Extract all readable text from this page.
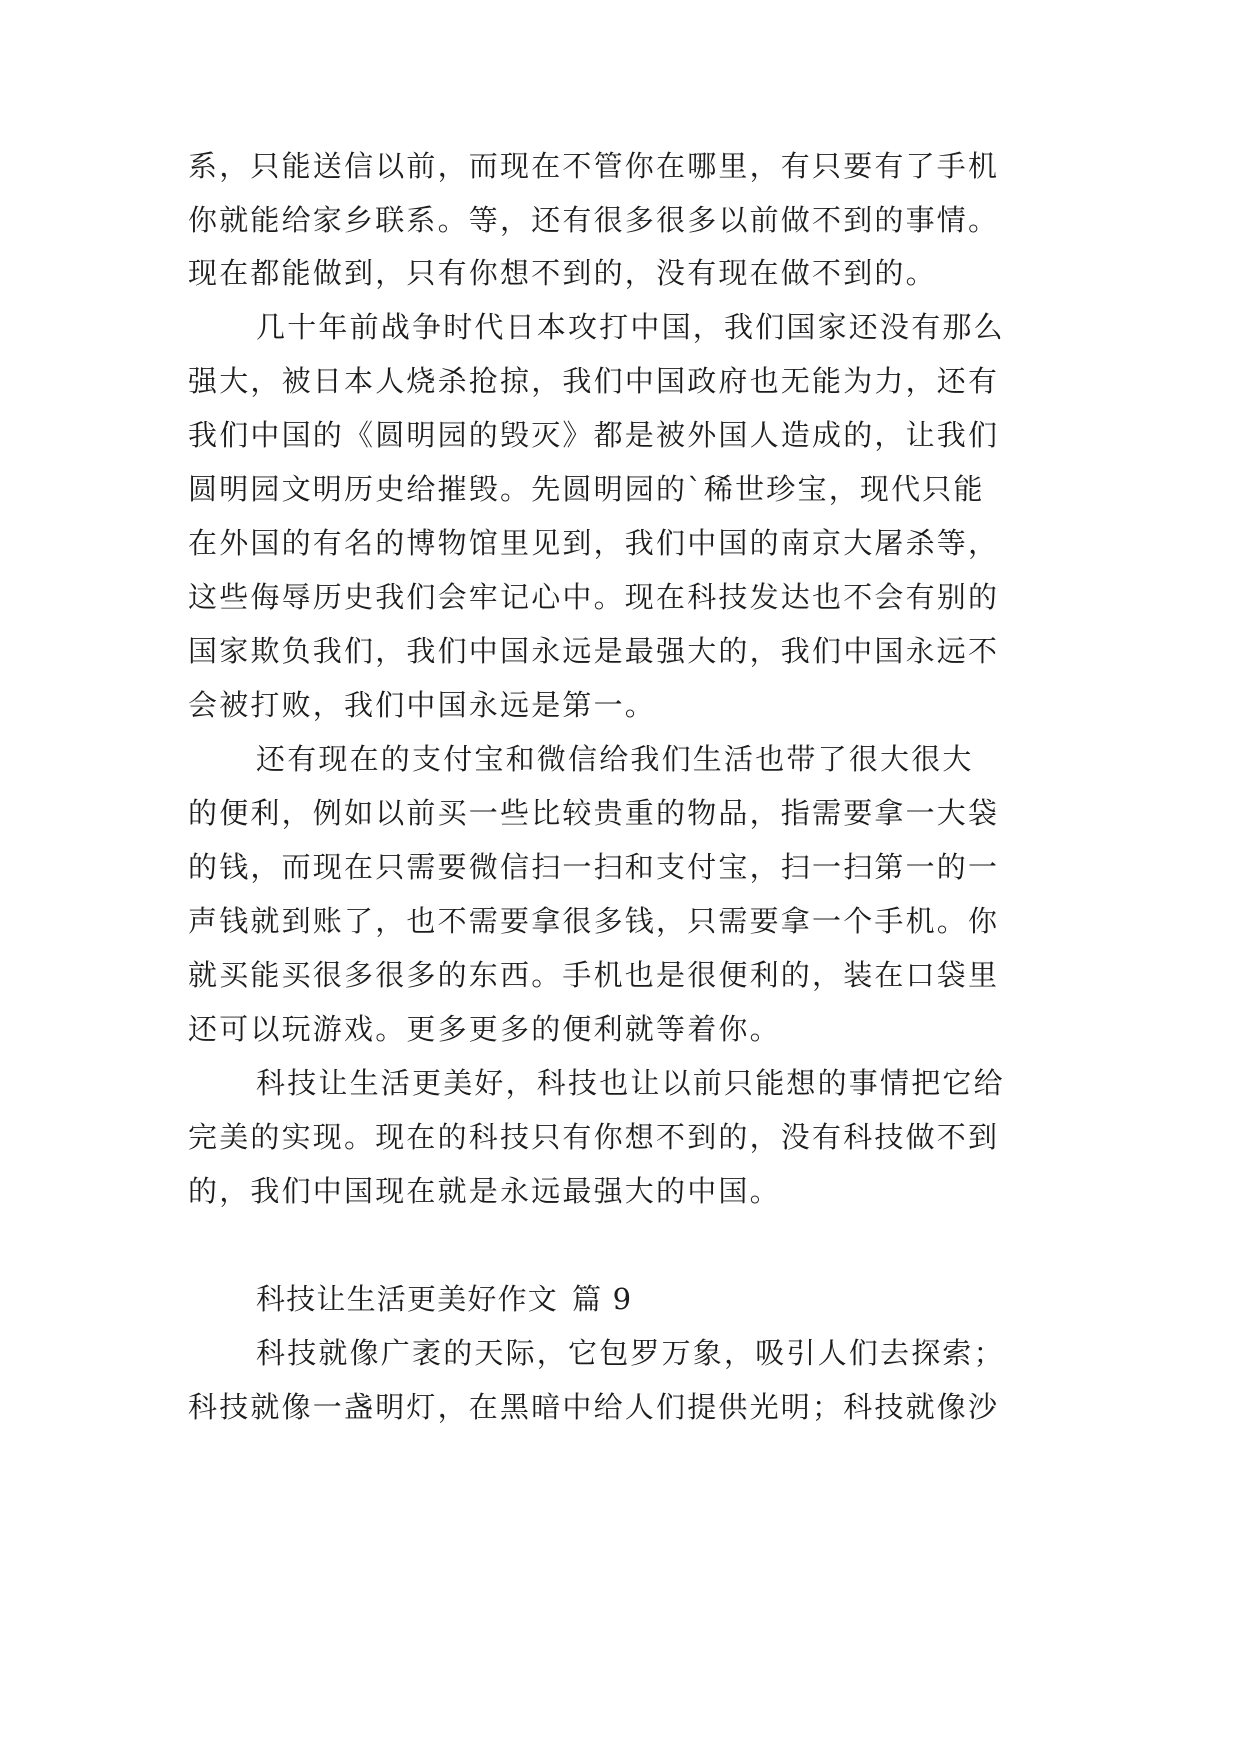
系，只能送信以前，而现在不管你在哪里，有只要有了手机
你就能给家乡联系。等，还有很多很多以前做不到的事情。
现在都能做到，只有你想不到的，没有现在做不到的。
几十年前战争时代日本攻打中国，我们国家还没有那么
强大，被日本人烧杀抢掠，我们中国政府也无能为力，还有
我们中国的《圆明园的毁灭》都是被外国人造成的，让我们
圆明园文明历史给摧毁。先圆明园的`稀世珍宝，现代只能
在外国的有名的博物馆里见到，我们中国的南京大屠杀等，
这些侮辱历史我们会牢记心中。现在科技发达也不会有别的
国家欺负我们，我们中国永远是最强大的，我们中国永远不
会被打败，我们中国永远是第一。
还有现在的支付宝和微信给我们生活也带了很大很大
的便利，例如以前买一些比较贵重的物品，指需要拿一大袋
的钱，而现在只需要微信扫一扫和支付宝，扫一扫第一的一
声钱就到账了，也不需要拿很多钱，只需要拿一个手机。你
就买能买很多很多的东西。手机也是很便利的，装在口袋里
还可以玩游戏。更多更多的便利就等着你。
科技让生活更美好，科技也让以前只能想的事情把它给
完美的实现。现在的科技只有你想不到的，没有科技做不到
的，我们中国现在就是永远最强大的中国。
科技让生活更美好作文 篇 9
科技就像广袤的天际，它包罗万象，吸引人们去探索；
科技就像一盏明灯，在黑暗中给人们提供光明；科技就像沙
